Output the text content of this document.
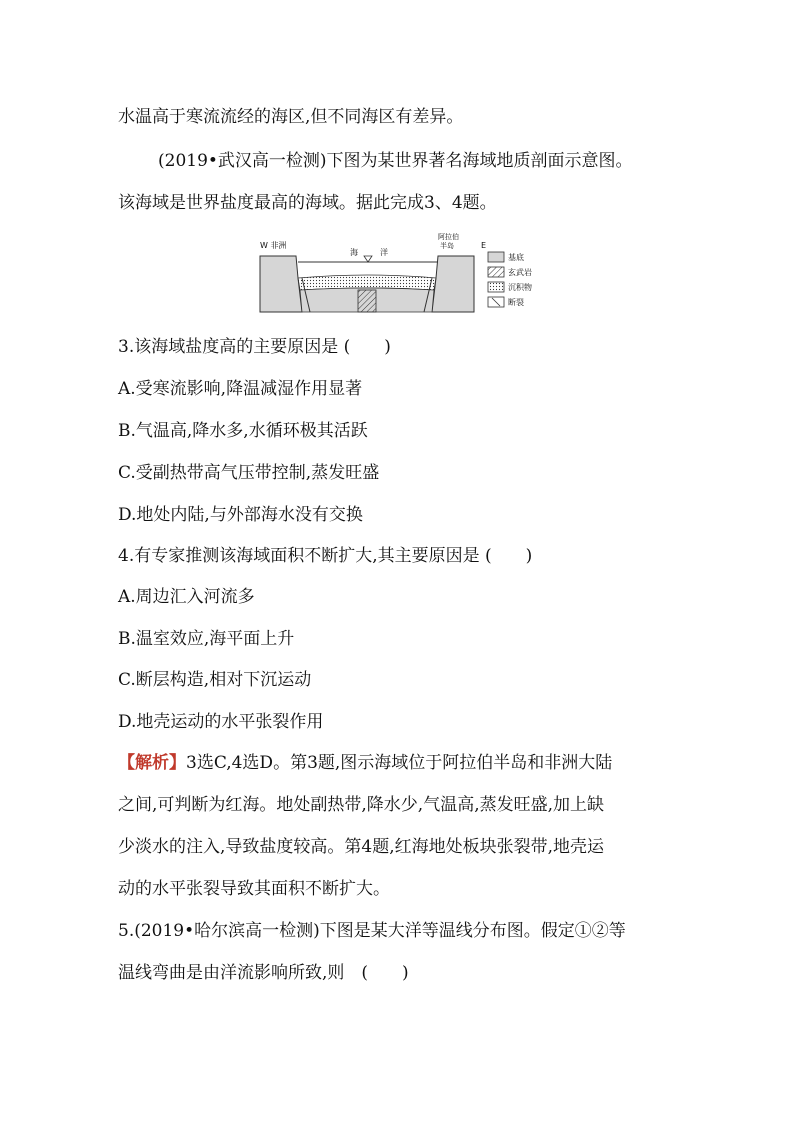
水温高于寒流流经的海区,但不同海区有差异。
(2019•武汉高一检测)下图为某世界著名海域地质剖面示意图。
该海域是世界盐度最高的海域。据此完成3、4题。
W 非洲
海	洋
阿拉伯
半岛	E
基底
玄武岩
沉积物
断裂
3.该海域盐度高的主要原因是 (　　)
A.受寒流影响,降温减湿作用显著
B.气温高,降水多,水循环极其活跃
C.受副热带高气压带控制,蒸发旺盛
D.地处内陆,与外部海水没有交换
4.有专家推测该海域面积不断扩大,其主要原因是 (　　)
A.周边汇入河流多
B.温室效应,海平面上升
C.断层构造,相对下沉运动
D.地壳运动的水平张裂作用
【解析】3选C,4选D。第3题,图示海域位于阿拉伯半岛和非洲大陆
之间,可判断为红海。地处副热带,降水少,气温高,蒸发旺盛,加上缺
少淡水的注入,导致盐度较高。第4题,红海地处板块张裂带,地壳运
动的水平张裂导致其面积不断扩大。
5.(2019•哈尔滨高一检测)下图是某大洋等温线分布图。假定①②等
温线弯曲是由洋流影响所致,则　(　　)
